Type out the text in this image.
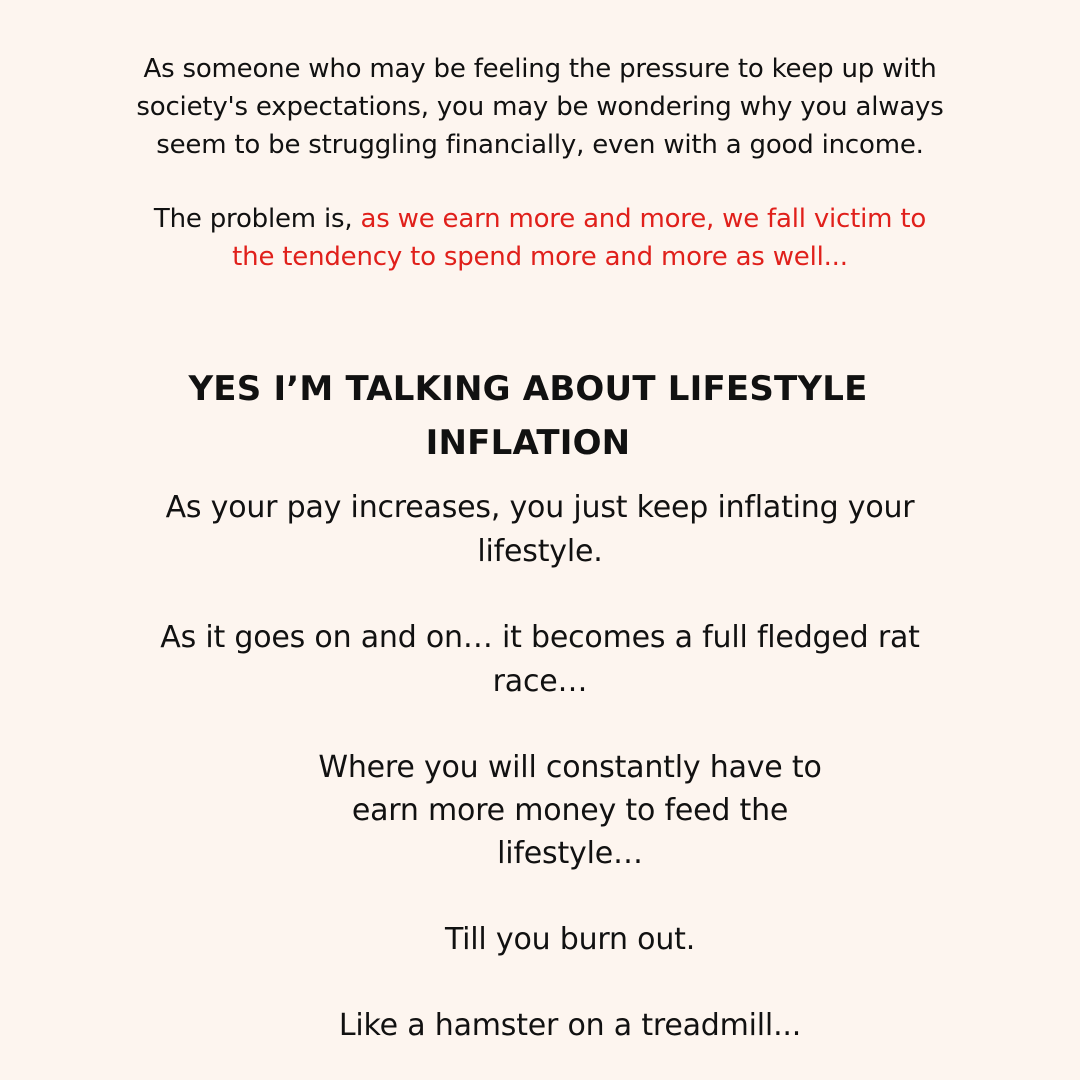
As someone who may be feeling the pressure to keep up with
society's expectations, you may be wondering why you always
seem to be struggling financially, even with a good income.
The problem is, as we earn more and more, we fall victim to
the tendency to spend more and more as well...
YES I’M TALKING ABOUT LIFESTYLE
INFLATION
As your pay increases, you just keep inflating your
lifestyle.
As it goes on and on… it becomes a full fledged rat
race…
Where you will constantly have to
earn more money to feed the
lifestyle…
Till you burn out.
Like a hamster on a treadmill...
